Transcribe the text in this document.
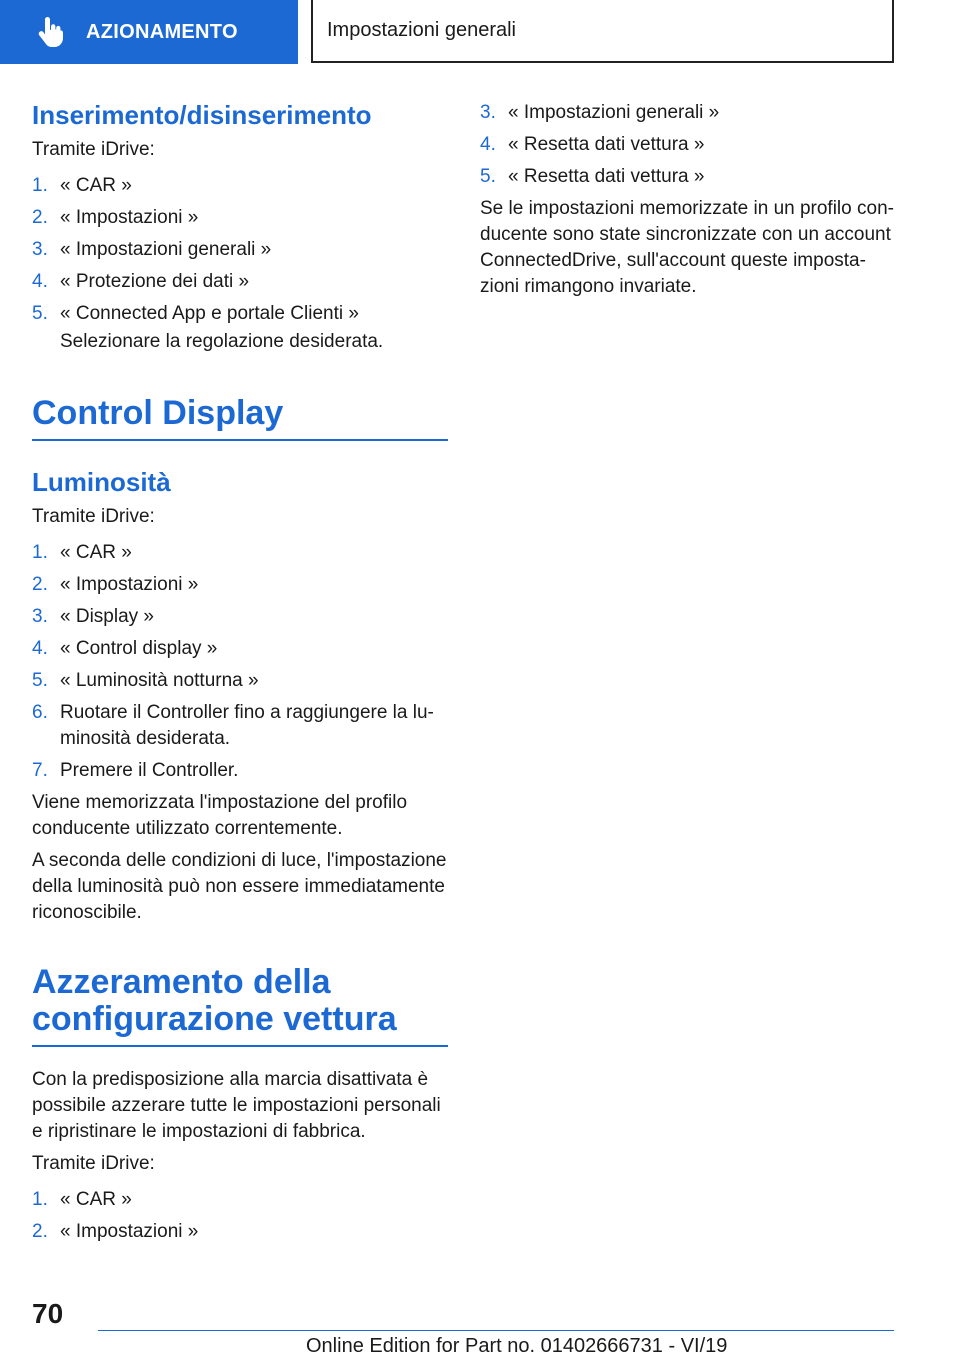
AZIONAMENTO	Impostazioni generali
Inserimento/disinserimento

Tramite iDrive:

1. « CAR »
2. « Impostazioni »
3. « Impostazioni generali »
4. « Protezione dei dati »
5. « Connected App e portale Clienti »
Selezionare la regolazione desiderata.
Control Display
Luminosità

Tramite iDrive:

1. « CAR »
2. « Impostazioni »
3. « Display »
4. « Control display »
5. « Luminosità notturna »
6. Ruotare il Controller fino a raggiungere la lu- minosità desiderata.
7. Premere il Controller.

Viene memorizzata l'impostazione del profilo conducente utilizzato correntemente.

A seconda delle condizioni di luce, l'impostazione della luminosità può non essere immediatamente riconoscibile.

Azzeramento della configurazione vettura

Con la predisposizione alla marcia disattivata è possibile azzerare tutte le impostazioni personali e ripristinare le impostazioni di fabbrica.

Tramite iDrive:

1. « CAR »
2. « Impostazioni »
3. « Impostazioni generali »
4. « Resetta dati vettura »
5. « Resetta dati vettura »

Se le impostazioni memorizzate in un profilo con- ducente sono state sincronizzate con un account ConnectedDrive, sull'account queste imposta- zioni rimangono invariate.

70
Online Edition for Part no. 01402666731 - VI/19
